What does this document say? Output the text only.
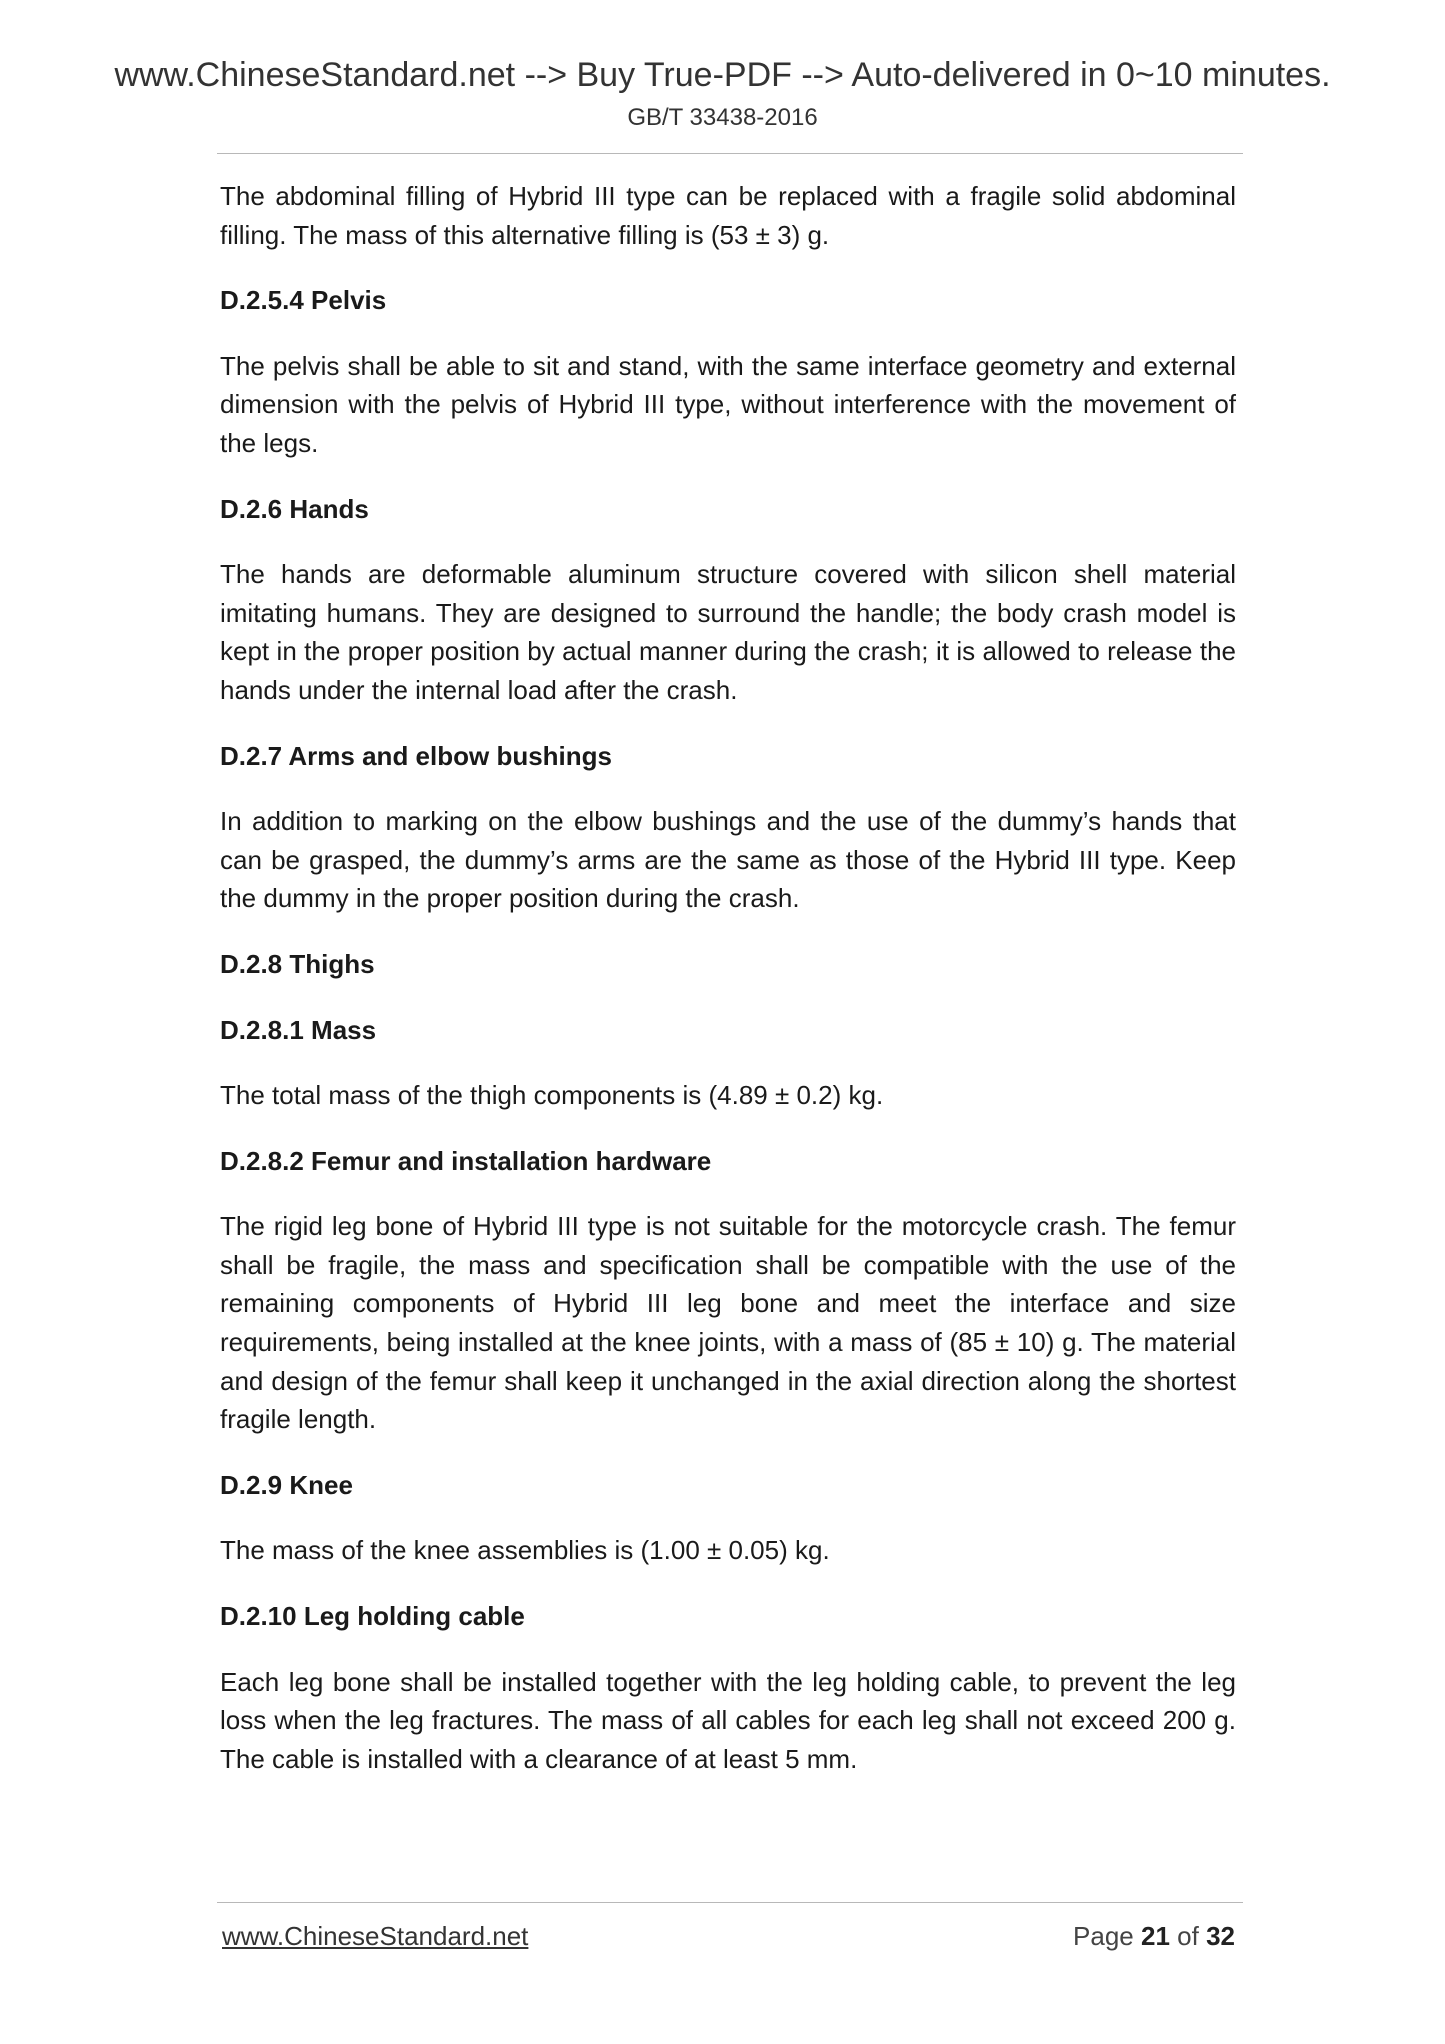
www.ChineseStandard.net --> Buy True-PDF --> Auto-delivered in 0~10 minutes.
GB/T 33438-2016

The abdominal filling of Hybrid III type can be replaced with a fragile solid abdominal filling. The mass of this alternative filling is (53 ± 3) g.

D.2.5.4 Pelvis

The pelvis shall be able to sit and stand, with the same interface geometry and external dimension with the pelvis of Hybrid III type, without interference with the movement of the legs.

D.2.6 Hands

The hands are deformable aluminum structure covered with silicon shell material imitating humans. They are designed to surround the handle; the body crash model is kept in the proper position by actual manner during the crash; it is allowed to release the hands under the internal load after the crash.

D.2.7 Arms and elbow bushings

In addition to marking on the elbow bushings and the use of the dummy’s hands that can be grasped, the dummy’s arms are the same as those of the Hybrid III type. Keep the dummy in the proper position during the crash.

D.2.8 Thighs
D.2.8.1 Mass

The total mass of the thigh components is (4.89 ± 0.2) kg.

D.2.8.2 Femur and installation hardware

The rigid leg bone of Hybrid III type is not suitable for the motorcycle crash. The femur shall be fragile, the mass and specification shall be compatible with the use of the remaining components of Hybrid III leg bone and meet the interface and size requirements, being installed at the knee joints, with a mass of (85 ± 10) g. The material and design of the femur shall keep it unchanged in the axial direction along the shortest fragile length.

D.2.9 Knee

The mass of the knee assemblies is (1.00 ± 0.05) kg.

D.2.10 Leg holding cable

Each leg bone shall be installed together with the leg holding cable, to prevent the leg loss when the leg fractures. The mass of all cables for each leg shall not exceed 200 g. The cable is installed with a clearance of at least 5 mm.

www.ChineseStandard.net	Page 21 of 32
